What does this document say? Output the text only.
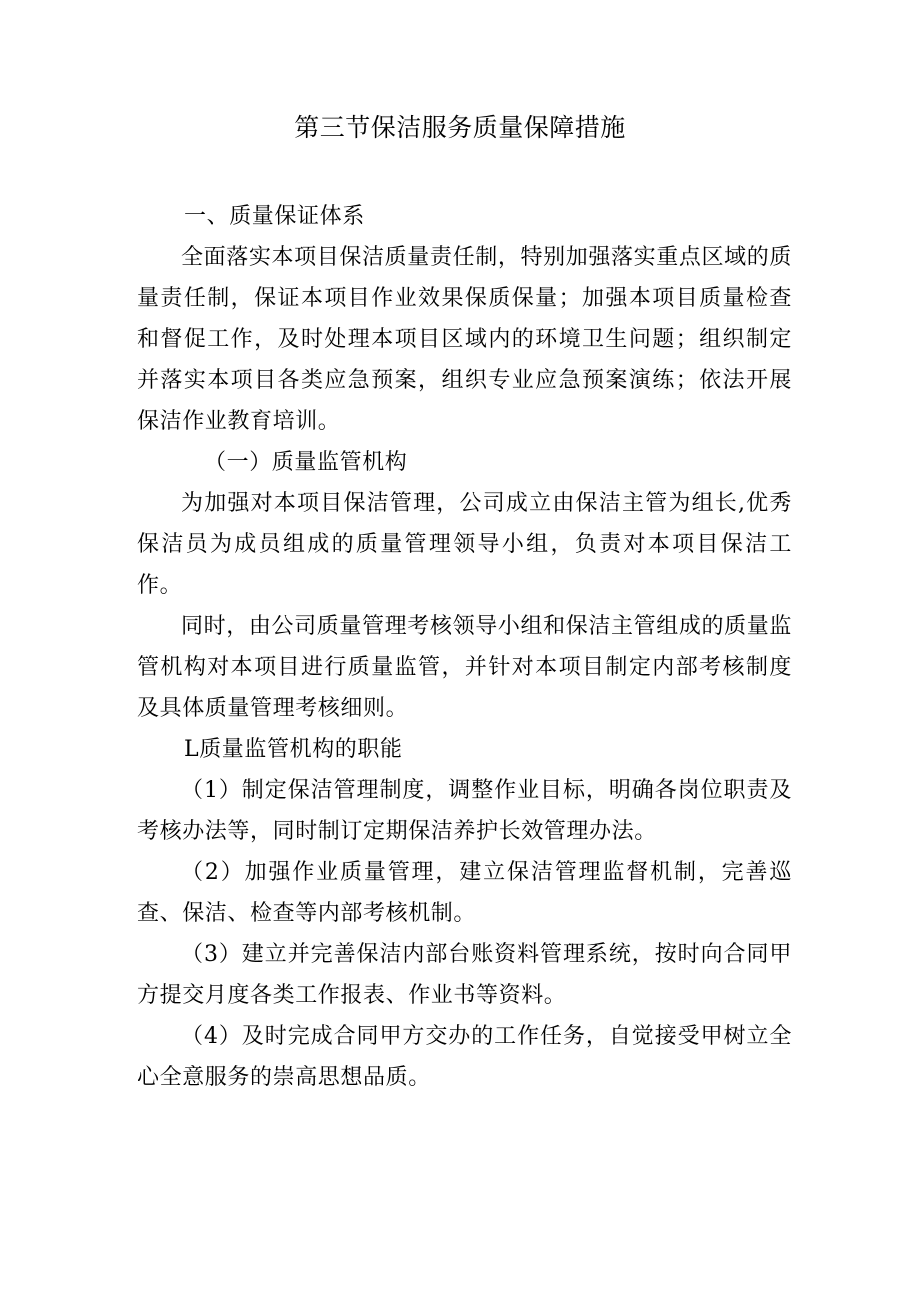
第三节保洁服务质量保障措施
一、质量保证体系
全面落实本项目保洁质量责任制，特别加强落实重点区域的质量责任制，保证本项目作业效果保质保量；加强本项目质量检查和督促工作，及时处理本项目区域内的环境卫生问题；组织制定并落实本项目各类应急预案，组织专业应急预案演练；依法开展保洁作业教育培训。
（一）质量监管机构
为加强对本项目保洁管理，公司成立由保洁主管为组长,优秀保洁员为成员组成的质量管理领导小组，负责对本项目保洁工作。
同时，由公司质量管理考核领导小组和保洁主管组成的质量监管机构对本项目进行质量监管，并针对本项目制定内部考核制度及具体质量管理考核细则。
L质量监管机构的职能
（1）制定保洁管理制度，调整作业目标，明确各岗位职责及考核办法等，同时制订定期保洁养护长效管理办法。
（2）加强作业质量管理，建立保洁管理监督机制，完善巡查、保洁、检查等内部考核机制。
（3）建立并完善保洁内部台账资料管理系统，按时向合同甲方提交月度各类工作报表、作业书等资料。
（4）及时完成合同甲方交办的工作任务，自觉接受甲树立全心全意服务的崇高思想品质。
